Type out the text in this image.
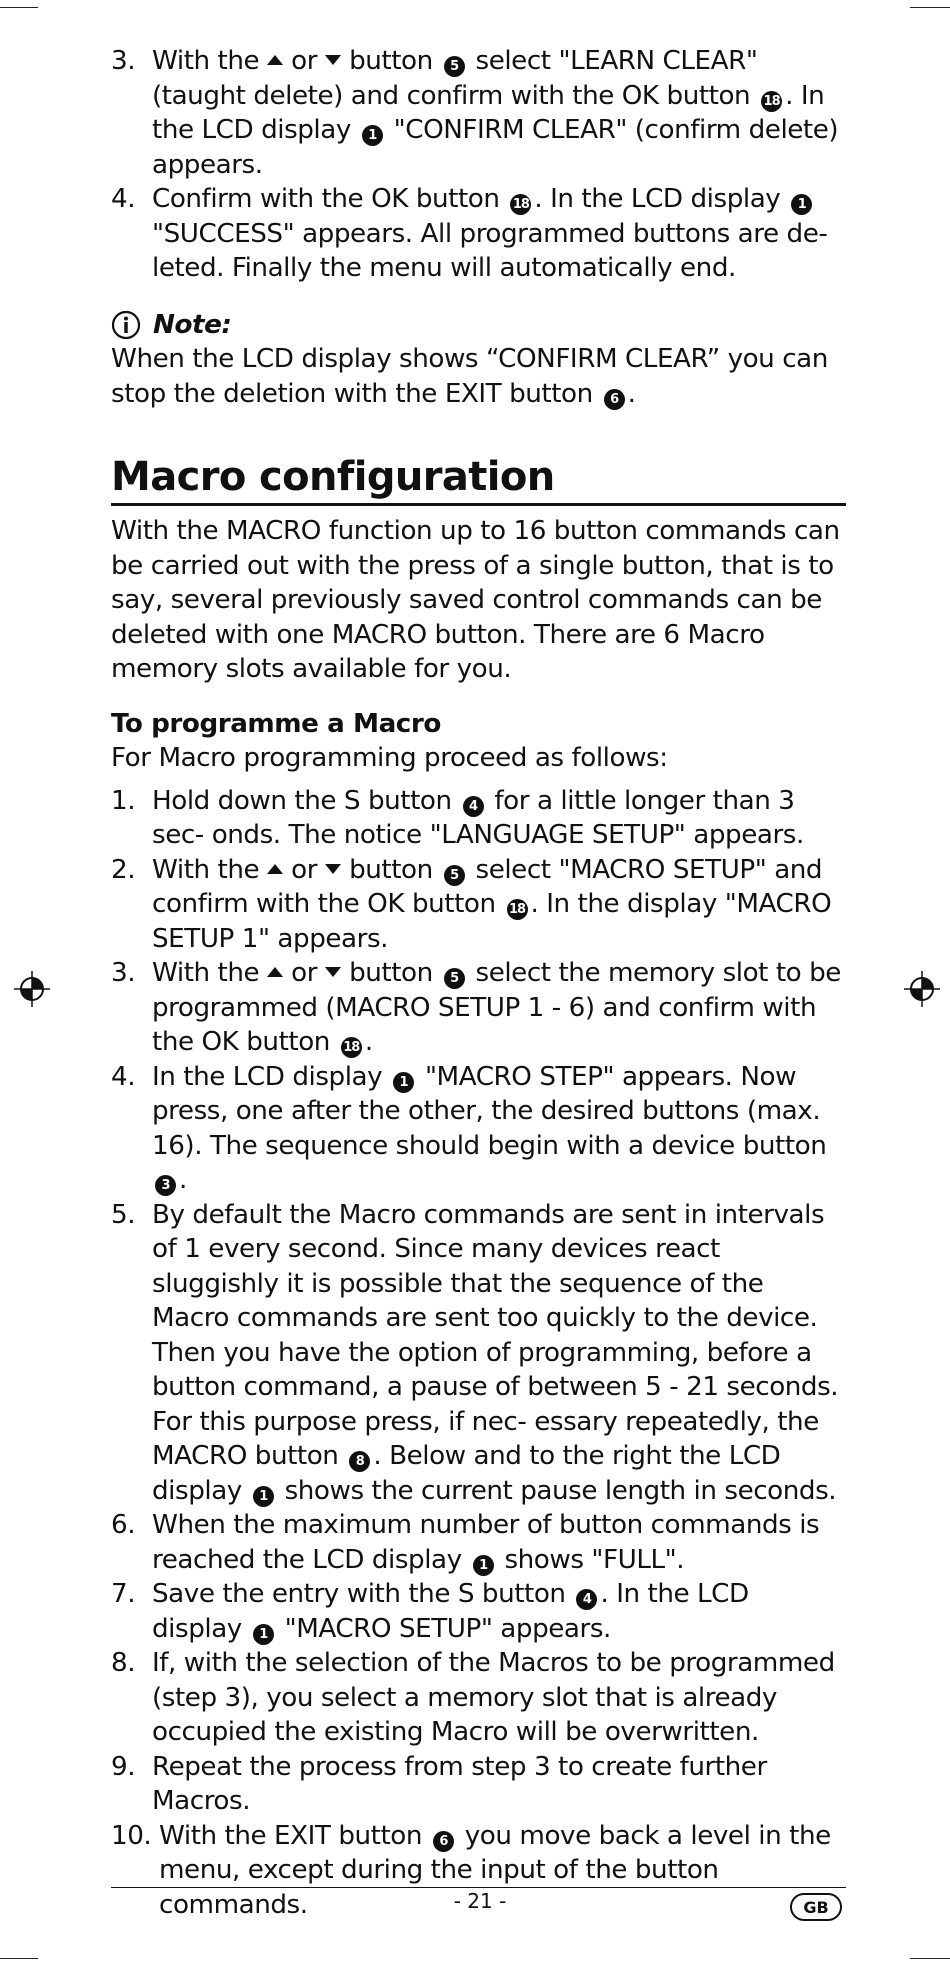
3. With the or button 5 select "LEARN CLEAR" (taught delete) and confirm with the OK button 18 . In the LCD display 1 "CONFIRM CLEAR" (confirm delete) appears.
4. Confirm with the OK button 18 . In the LCD display 1 "SUCCESS" appears. All programmed buttons are de- leted. Finally the menu will automatically end.
Note:

When the LCD display shows “CONFIRM CLEAR” you can stop the deletion with the EXIT button 6 .

Macro configuration

With the MACRO function up to 16 button commands can be carried out with the press of a single button, that is to say, several previously saved control commands can be deleted with one MACRO button. There are 6 Macro memory slots available for you.

To programme a Macro

For Macro programming proceed as follows:

1. Hold down the S button 4 for a little longer than 3 sec- onds. The notice "LANGUAGE SETUP" appears.
2. With the or button 5 select "MACRO SETUP" and confirm with the OK button 18 . In the display "MACRO SETUP 1" appears.
3. With the or button 5 select the memory slot to be programmed (MACRO SETUP 1 - 6) and confirm with the OK button 18 .
4. In the LCD display 1 "MACRO STEP" appears. Now press, one after the other, the desired buttons (max. 16). The sequence should begin with a device button 3 .
5. By default the Macro commands are sent in intervals of 1 every second. Since many devices react sluggishly it is possible that the sequence of the Macro commands are sent too quickly to the device. Then you have the option of programming, before a button command, a pause of between 5 - 21 seconds. For this purpose press, if nec- essary repeatedly, the MACRO button 8 . Below and to the right the LCD display 1 shows the current pause length in seconds.
6. When the maximum number of button commands is reached the LCD display 1 shows "FULL".
7. Save the entry with the S button 4 . In the LCD display 1 "MACRO SETUP" appears.
8. If, with the selection of the Macros to be programmed (step 3), you select a memory slot that is already occupied the existing Macro will be overwritten.
9. Repeat the process from step 3 to create further Macros.
10. With the EXIT button 6 you move back a level in the menu, except during the input of the button commands.	- 21 -	GB
